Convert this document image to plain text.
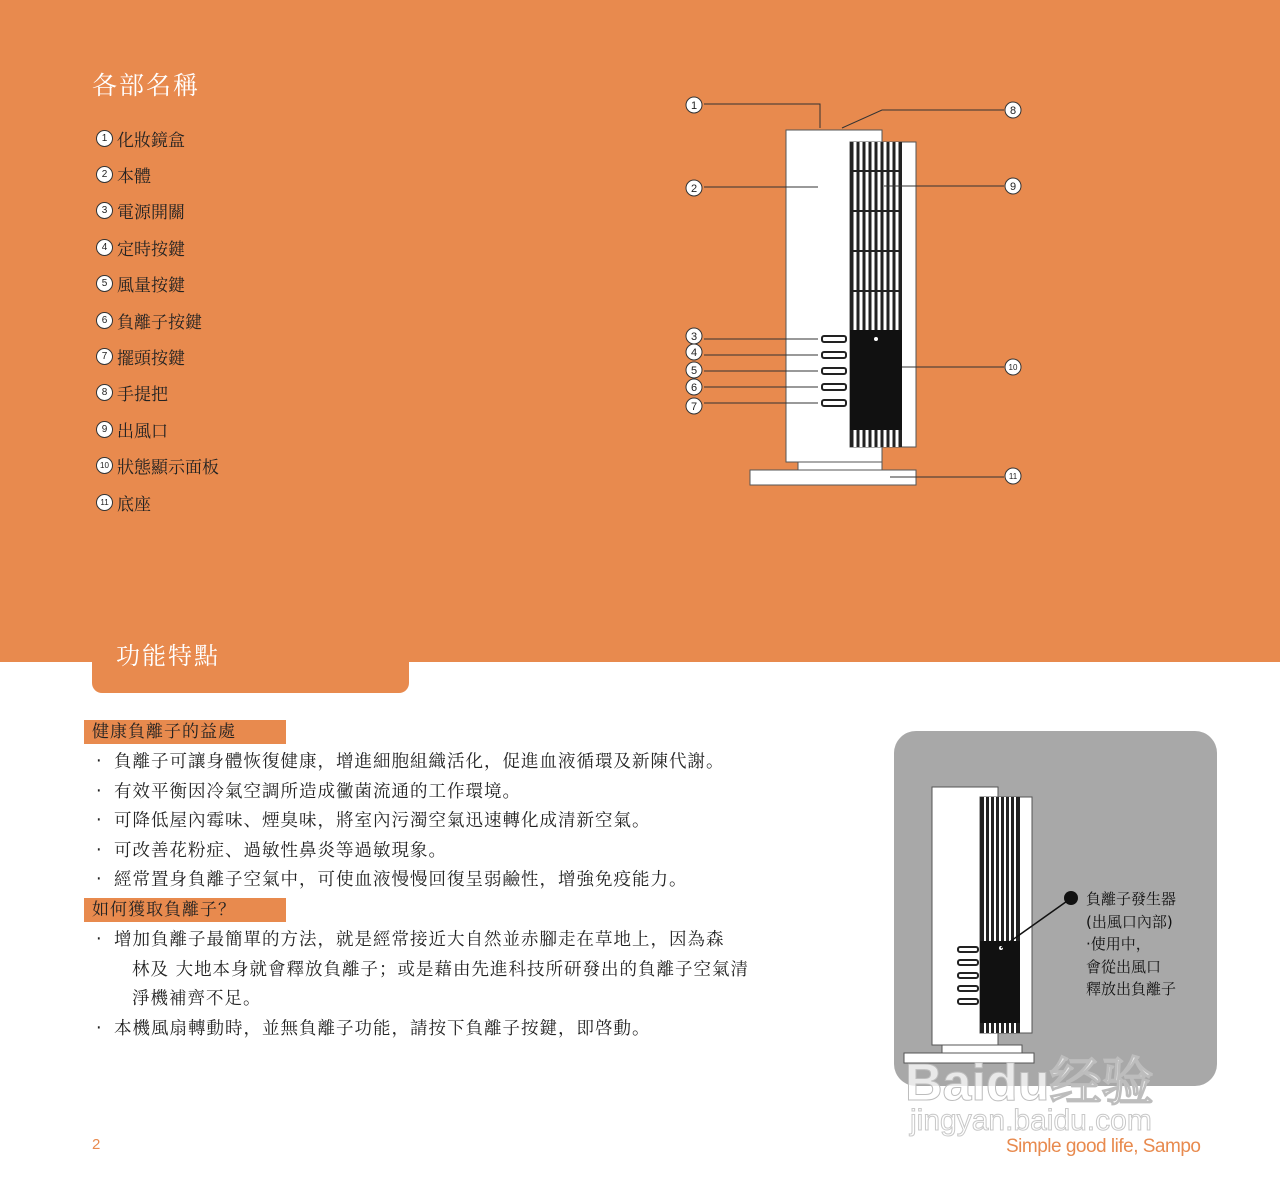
各部名稱
1 化妝鏡盒
2 本體
3 電源開關
4 定時按鍵
5 風量按鍵
6 負離子按鍵
7 擺頭按鍵
8 手提把
9 出風口
10 狀態顯示面板
11 底座
1
2
3
4
5
6
7
8
9
10
11
功能特點
健康負離子的益處
‧ 負離子可讓身體恢復健康，增進細胞組織活化，促進血液循環及新陳代謝。
‧ 有效平衡因冷氣空調所造成黴菌流通的工作環境。
‧ 可降低屋內霉味、煙臭味，將室內污濁空氣迅速轉化成清新空氣。
‧ 可改善花粉症、過敏性鼻炎等過敏現象。
‧ 經常置身負離子空氣中，可使血液慢慢回復呈弱鹼性，增強免疫能力。
如何獲取負離子？
‧ 增加負離子最簡單的方法，就是經常接近大自然並赤腳走在草地上，因為森
林及 大地本身就會釋放負離子；或是藉由先進科技所研發出的負離子空氣清
淨機補齊不足。
‧ 本機風扇轉動時，並無負離子功能，請按下負離子按鍵，即啓動。
負離子發生器
(出風口內部)
‧使用中，
會從出風口
釋放出負離子
Baidu经验
jingyan.baidu.com
2	Simple good life, Sampo
